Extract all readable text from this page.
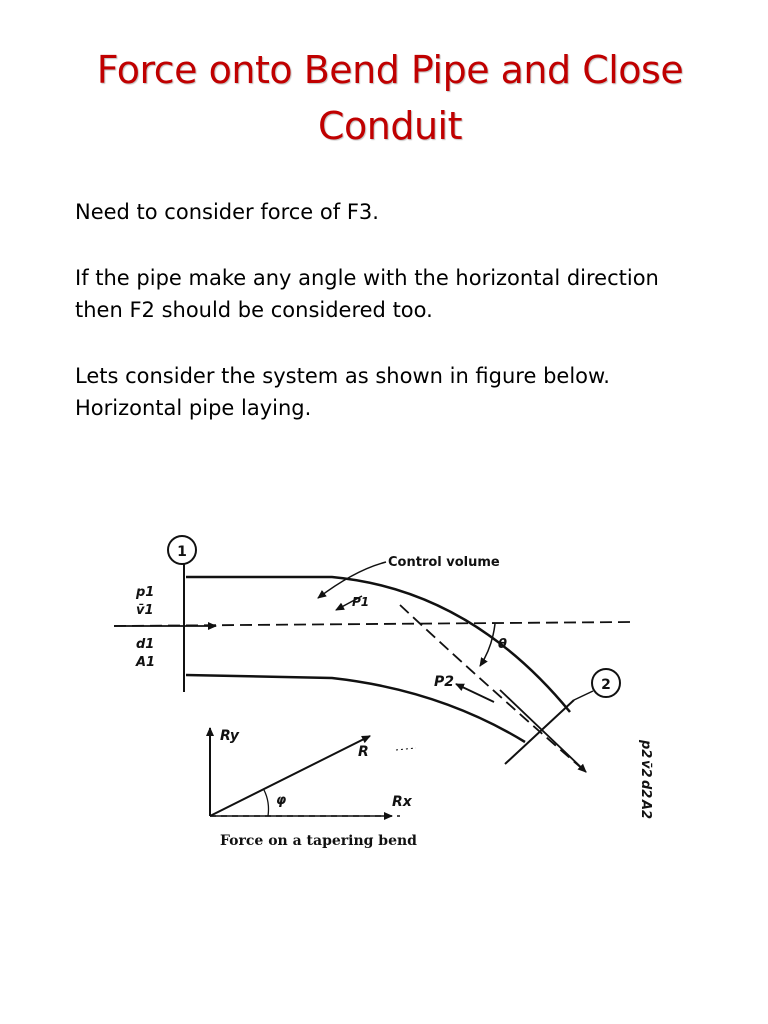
Force onto Bend Pipe and Close Conduit
Need to consider force of F3.
If the pipe make any angle with the horizontal direction
then F2 should be considered too.
Lets consider the system as shown in figure below.
Horizontal pipe laying.
1
2
Control volume
P1
P2
θ
p1
v̄1
d1
A1
p2
v̄2
d2
A2
Ry
Rx
R
φ
Force on a tapering bend
